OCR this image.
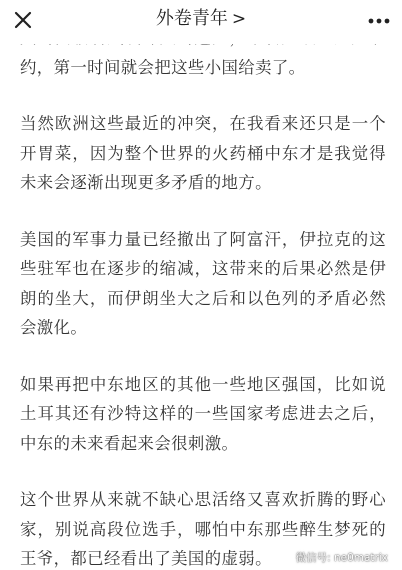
约，第一时间就会把这些小国给卖了。

当然欧洲这些最近的冲突，在我看来还只是一个开胃菜，因为整个世界的火药桶中东才是我觉得未来会逐渐出现更多矛盾的地方。

美国的军事力量已经撤出了阿富汗，伊拉克的这些驻军也在逐步的缩减，这带来的后果必然是伊朗的坐大，而伊朗坐大之后和以色列的矛盾必然会激化。

如果再把中东地区的其他一些地区强国，比如说土耳其还有沙特这样的一些国家考虑进去之后，中东的未来看起来会很刺激。

这个世界从来就不缺心思活络又喜欢折腾的野心家，别说高段位选手，哪怕中东那些醉生梦死的王爷，都已经看出了美国的虚弱。

外卷青年 >
微信号: ne0matrix
